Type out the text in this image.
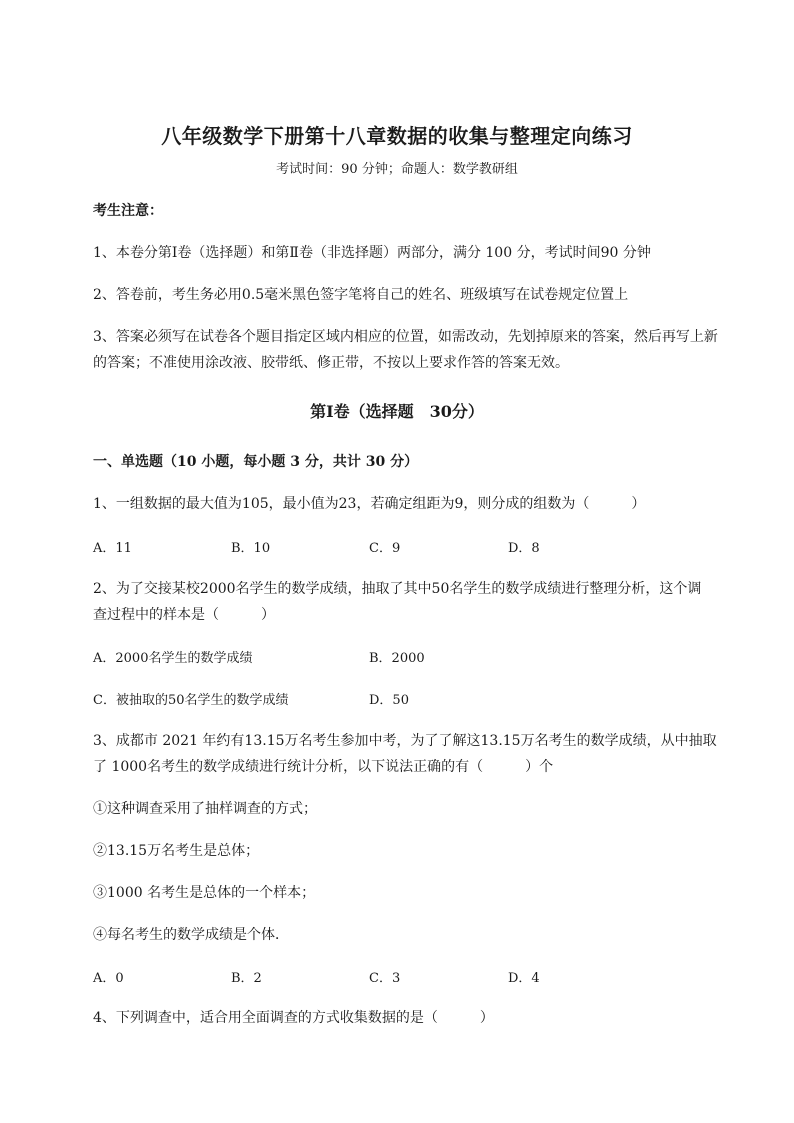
八年级数学下册第十八章数据的收集与整理定向练习
考试时间：90 分钟；命题人：数学教研组
考生注意：
1、本卷分第Ⅰ卷（选择题）和第Ⅱ卷（非选择题）两部分，满分 100 分，考试时间90 分钟
2、答卷前，考生务必用0.5毫米黑色签字笔将自己的姓名、班级填写在试卷规定位置上
3、答案必须写在试卷各个题目指定区域内相应的位置，如需改动，先划掉原来的答案，然后再写上新
的答案；不准使用涂改液、胶带纸、修正带，不按以上要求作答的答案无效。
第Ⅰ卷（选择题　30分）
一、单选题（10 小题，每小题 3 分，共计 30 分）
1、一组数据的最大值为105，最小值为23，若确定组距为9，则分成的组数为（　　　）
A．11	B．10	C．9	D．8
2、为了交接某校2000名学生的数学成绩，抽取了其中50名学生的数学成绩进行整理分析，这个调
查过程中的样本是（　　　）
A．2000名学生的数学成绩	B．2000
C．被抽取的50名学生的数学成绩	D．50
3、成都市 2021 年约有13.15万名考生参加中考，为了了解这13.15万名考生的数学成绩，从中抽取
了 1000名考生的数学成绩进行统计分析，以下说法正确的有（　　　）个
①这种调查采用了抽样调查的方式；
②13.15万名考生是总体；
③1000 名考生是总体的一个样本；
④每名考生的数学成绩是个体．
A．0	B．2	C．3	D．4
4、下列调查中，适合用全面调查的方式收集数据的是（　　　）
